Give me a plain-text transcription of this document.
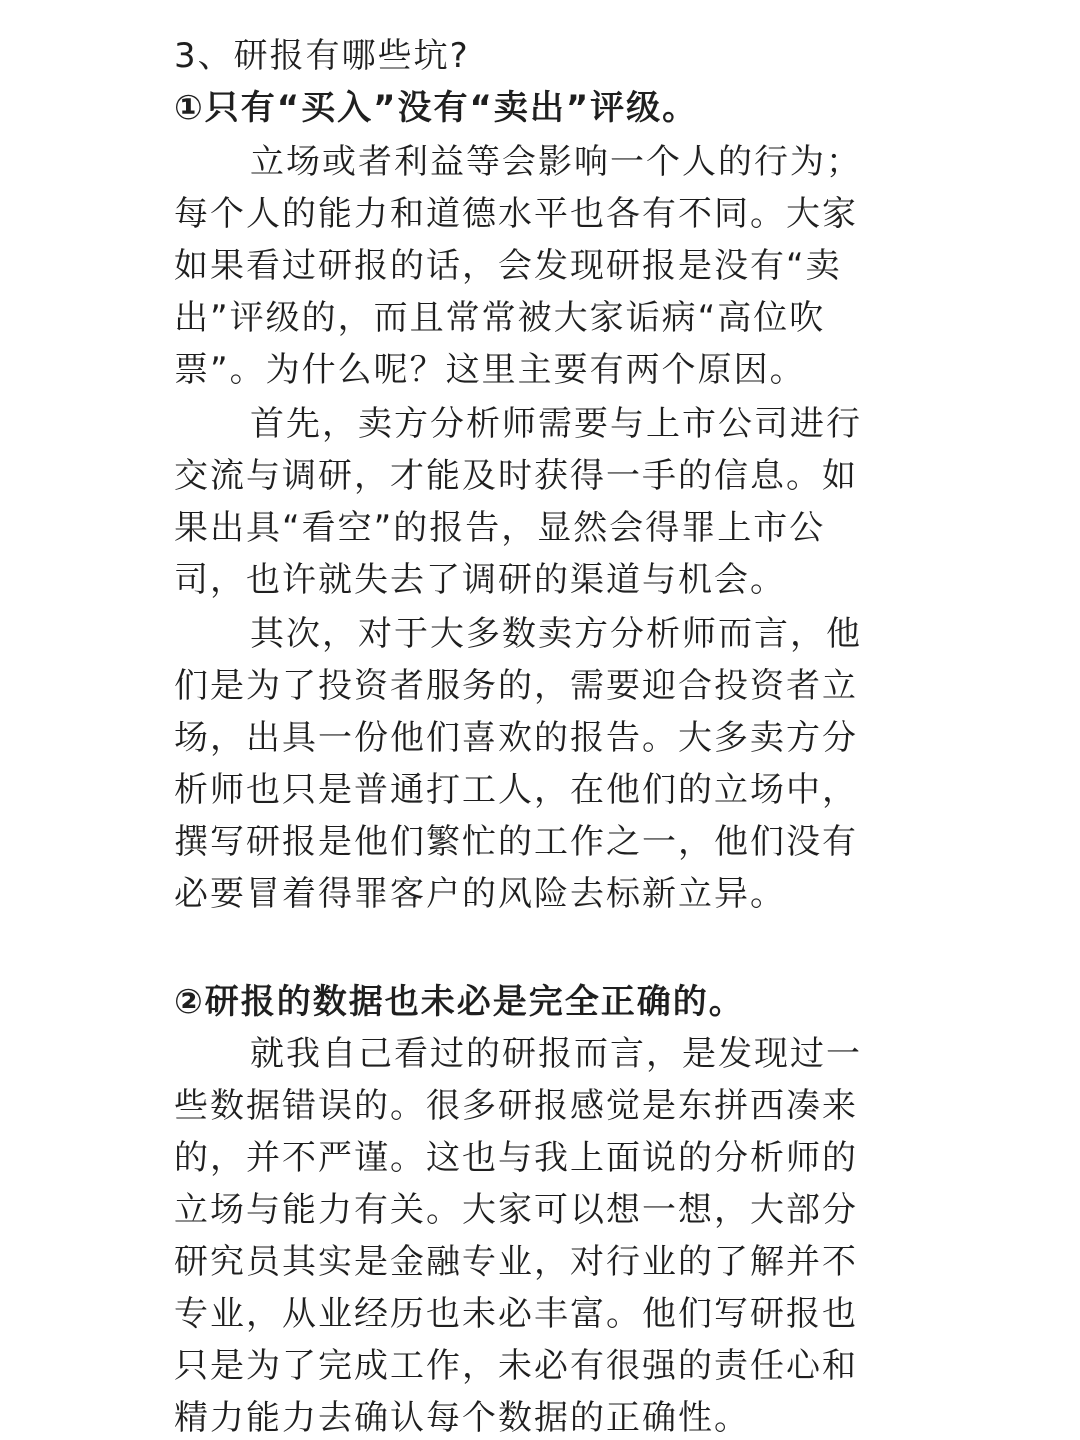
3、研报有哪些坑?
①只有“买入”没有“卖出”评级。
立场或者利益等会影响一个人的行为；
每个人的能力和道德水平也各有不同。大家
如果看过研报的话，会发现研报是没有“卖
出”评级的，而且常常被大家诟病“高位吹
票”。为什么呢？这里主要有两个原因。
首先，卖方分析师需要与上市公司进行
交流与调研，才能及时获得一手的信息。如
果出具“看空”的报告，显然会得罪上市公
司，也许就失去了调研的渠道与机会。
其次，对于大多数卖方分析师而言，他
们是为了投资者服务的，需要迎合投资者立
场，出具一份他们喜欢的报告。大多卖方分
析师也只是普通打工人，在他们的立场中，
撰写研报是他们繁忙的工作之一，他们没有
必要冒着得罪客户的风险去标新立异。
②研报的数据也未必是完全正确的。
就我自己看过的研报而言，是发现过一
些数据错误的。很多研报感觉是东拼西凑来
的，并不严谨。这也与我上面说的分析师的
立场与能力有关。大家可以想一想，大部分
研究员其实是金融专业，对行业的了解并不
专业，从业经历也未必丰富。他们写研报也
只是为了完成工作，未必有很强的责任心和
精力能力去确认每个数据的正确性。
